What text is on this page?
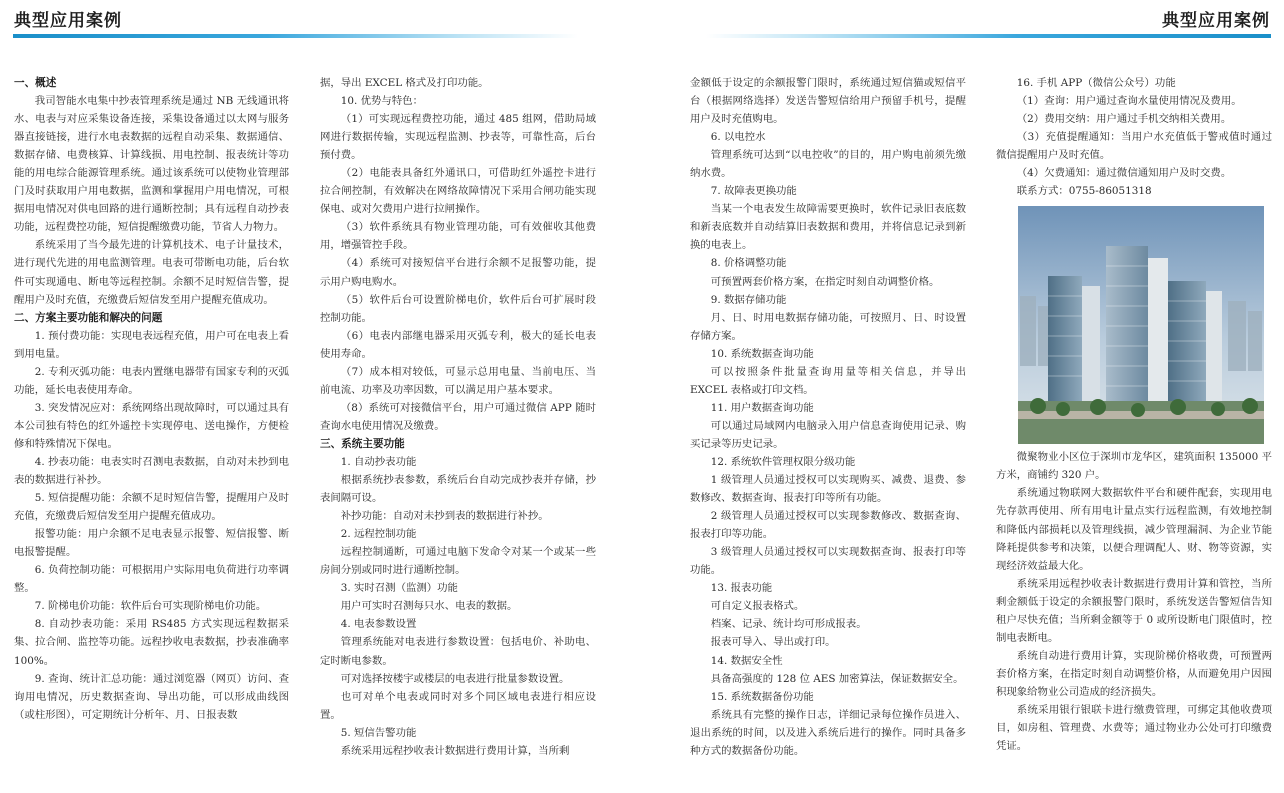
典型应用案例	典型应用案例

一、概述

我司智能水电集中抄表管理系统是通过 NB 无线通讯将水、电表与对应采集设备连接，采集设备通过以太网与服务器直接链接，进行水电表数据的远程自动采集、数据通信、数据存储、电费核算、计算线损、用电控制、报表统计等功能的用电综合能源管理系统。通过该系统可以使物业管理部门及时获取用户用电数据，监测和掌握用户用电情况，可根据用电情况对供电回路的进行通断控制；具有远程自动抄表功能，远程费控功能，短信提醒缴费功能，节省人力物力。

系统采用了当今最先进的计算机技术、电子计量技术，进行现代先进的用电监测管理。电表可带断电功能，后台软件可实现通电、断电等远程控制。余额不足时短信告警，提醒用户及时充值，充缴费后短信发至用户提醒充值成功。

二、方案主要功能和解决的问题

1. 预付费功能：实现电表远程充值，用户可在电表上看到用电量。

2. 专利灭弧功能：电表内置继电器带有国家专利的灭弧功能，延长电表使用寿命。

3. 突发情况应对：系统网络出现故障时，可以通过具有本公司独有特色的红外遥控卡实现停电、送电操作，方便检修和特殊情况下保电。

4. 抄表功能：电表实时召测电表数据，自动对未抄到电表的数据进行补抄。

5. 短信提醒功能：余额不足时短信告警，提醒用户及时充值，充缴费后短信发至用户提醒充值成功。

报警功能：用户余额不足电表显示报警、短信报警、断电报警提醒。

6. 负荷控制功能：可根据用户实际用电负荷进行功率调整。

7. 阶梯电价功能：软件后台可实现阶梯电价功能。

8. 自动抄表功能：采用 RS485 方式实现远程数据采集、拉合闸、监控等功能。远程抄收电表数据，抄表准确率 100%。

9. 查询、统计汇总功能：通过浏览器（网页）访问、查询用电情况，历史数据查询、导出功能，可以形成曲线图（或柱形图），可定期统计分析年、月、日报表数

据，导出 EXCEL 格式及打印功能。

10. 优势与特色：

（1）可实现远程费控功能，通过 485 组网，借助局域网进行数据传输，实现远程监测、抄表等，可靠性高，后台预付费。

（2）电能表具备红外通讯口，可借助红外遥控卡进行拉合闸控制，有效解决在网络故障情况下采用合闸功能实现保电、或对欠费用户进行拉闸操作。

（3）软件系统具有物业管理功能，可有效催收其他费用，增强管控手段。

（4）系统可对接短信平台进行余额不足报警功能，提示用户购电购水。

（5）软件后台可设置阶梯电价，软件后台可扩展时段控制功能。

（6）电表内部继电器采用灭弧专利，极大的延长电表使用寿命。

（7）成本相对较低，可显示总用电量、当前电压、当前电流、功率及功率因数，可以满足用户基本要求。

（8）系统可对接微信平台，用户可通过微信 APP 随时查询水电使用情况及缴费。

三、系统主要功能

1. 自动抄表功能

根据系统抄表参数，系统后台自动完成抄表并存储，抄表间隔可设。

补抄功能：自动对未抄到表的数据进行补抄。

2. 远程控制功能

远程控制通断，可通过电脑下发命令对某一个或某一些房间分别或同时进行通断控制。

3. 实时召测（监测）功能

用户可实时召测每只水、电表的数据。

4. 电表参数设置

管理系统能对电表进行参数设置：包括电价、补助电、定时断电参数。

可对选择按楼宇或楼层的电表进行批量参数设置。

也可对单个电表或同时对多个同区域电表进行相应设置。

5. 短信告警功能

系统采用远程抄收表计数据进行费用计算，当所剩

金额低于设定的余额报警门限时，系统通过短信猫或短信平台（根据网络选择）发送告警短信给用户预留手机号，提醒用户及时充值购电。

6. 以电控水

管理系统可达到“以电控收”的目的，用户购电前须先缴纳水费。

7. 故障表更换功能

当某一个电表发生故障需要更换时，软件记录旧表底数和新表底数并自动结算旧表数据和费用，并将信息记录到新换的电表上。

8. 价格调整功能

可预置两套价格方案，在指定时刻自动调整价格。

9. 数据存储功能

月、日、时用电数据存储功能，可按照月、日、时设置存储方案。

10. 系统数据查询功能

可以按照条件批量查询用量等相关信息，并导出 EXCEL 表格或打印文档。

11. 用户数据查询功能

可以通过局域网内电脑录入用户信息查询使用记录、购买记录等历史记录。

12. 系统软件管理权限分级功能

1 级管理人员通过授权可以实现购买、减费、退费、参数修改、数据查询、报表打印等所有功能。

2 级管理人员通过授权可以实现参数修改、数据查询、报表打印等功能。

3 级管理人员通过授权可以实现数据查询、报表打印等功能。

13. 报表功能

可自定义报表格式。

档案、记录、统计均可形成报表。

报表可导入、导出或打印。

14. 数据安全性

具备高强度的 128 位 AES 加密算法，保证数据安全。

15. 系统数据备份功能

系统具有完整的操作日志，详细记录每位操作员进入、退出系统的时间，以及进入系统后进行的操作。同时具备多种方式的数据备份功能。

16. 手机 APP（微信公众号）功能

（1）查询：用户通过查询水量使用情况及费用。

（2）费用交纳：用户通过手机交纳相关费用。

（3）充值提醒通知：当用户水充值低于警戒值时通过微信提醒用户及时充值。

（4）欠费通知：通过微信通知用户及时交费。

联系方式：0755-86051318

微聚物业小区位于深圳市龙华区，建筑面积 135000 平方米，商铺约 320 户。

系统通过物联网大数据软件平台和硬件配套，实现用电先存款再使用、所有用电计量点实行远程监测，有效地控制和降低内部损耗以及管理线损，减少管理漏洞、为企业节能降耗提供参考和决策，以便合理调配人、财、物等资源，实现经济效益最大化。

系统采用远程抄收表计数据进行费用计算和管控，当所剩金额低于设定的余额报警门限时，系统发送告警短信告知租户尽快充值；当所剩金额等于 0 或所设断电门限值时，控制电表断电。

系统自动进行费用计算，实现阶梯价格收费，可预置两套价格方案，在指定时刻自动调整价格，从而避免用户因囤积现象给物业公司造成的经济损失。

系统采用银行银联卡进行缴费管理，可绑定其他收费项目，如房租、管理费、水费等；通过物业办公处可打印缴费凭证。
